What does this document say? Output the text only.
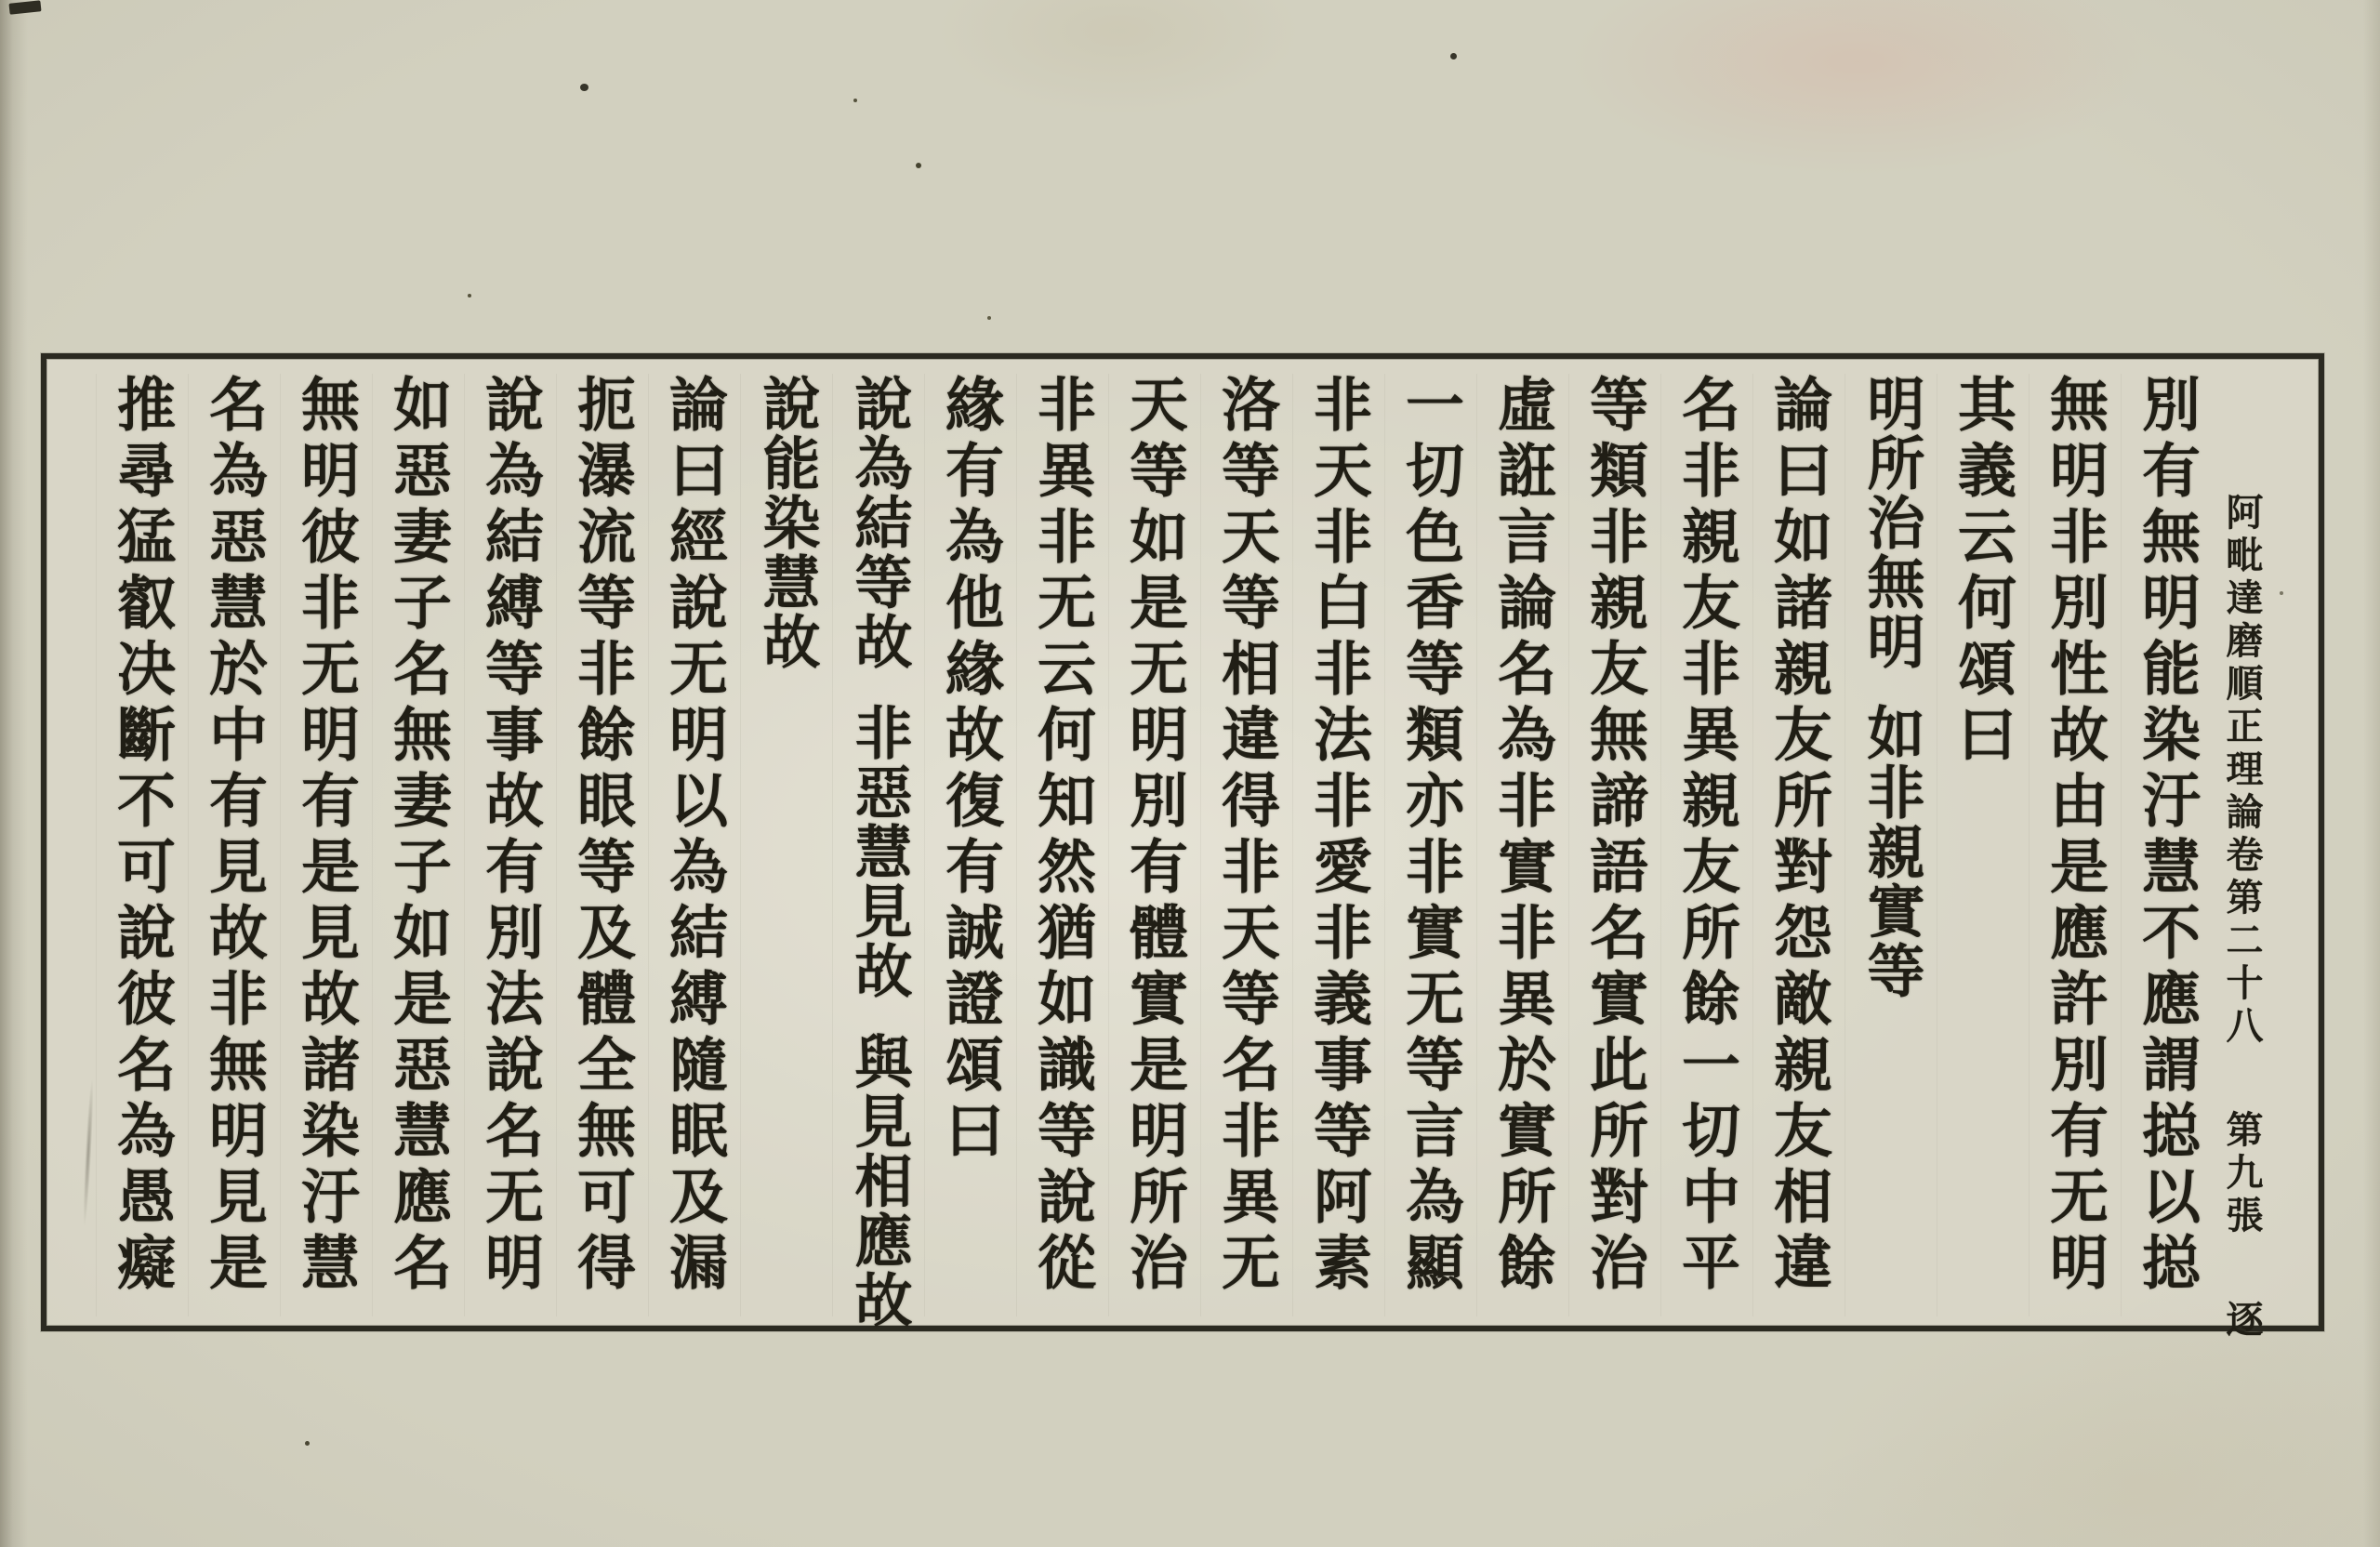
阿毗達磨順正理論卷第二十八  第九張  逐
別有無明能染汙慧不應謂搃以搃
無明非別性故由是應許別有无明
其義云何頌曰
明所治無明如非親實等
論曰如諸親友所對怨敵親友相違
名非親友非異親友所餘一切中平
等類非親友無諦語名實此所對治
虛誑言論名為非實非異於實所餘
一切色香等類亦非實无等言為顯
非天非白非法非愛非義事等阿素
洛等天等相違得非天等名非異无
天等如是无明別有體實是明所治
非異非无云何知然猶如識等說從
緣有為他緣故復有誠證頌曰
說為結等故非惡慧見故與見相應故
說能染慧故
論曰經說无明以為結縛隨眠及漏
扼瀑流等非餘眼等及體全無可得
說為結縛等事故有別法說名无明
如惡妻子名無妻子如是惡慧應名
無明彼非无明有是見故諸染汙慧
名為惡慧於中有見故非無明見是
推尋猛叡决斷不可說彼名為愚癡
